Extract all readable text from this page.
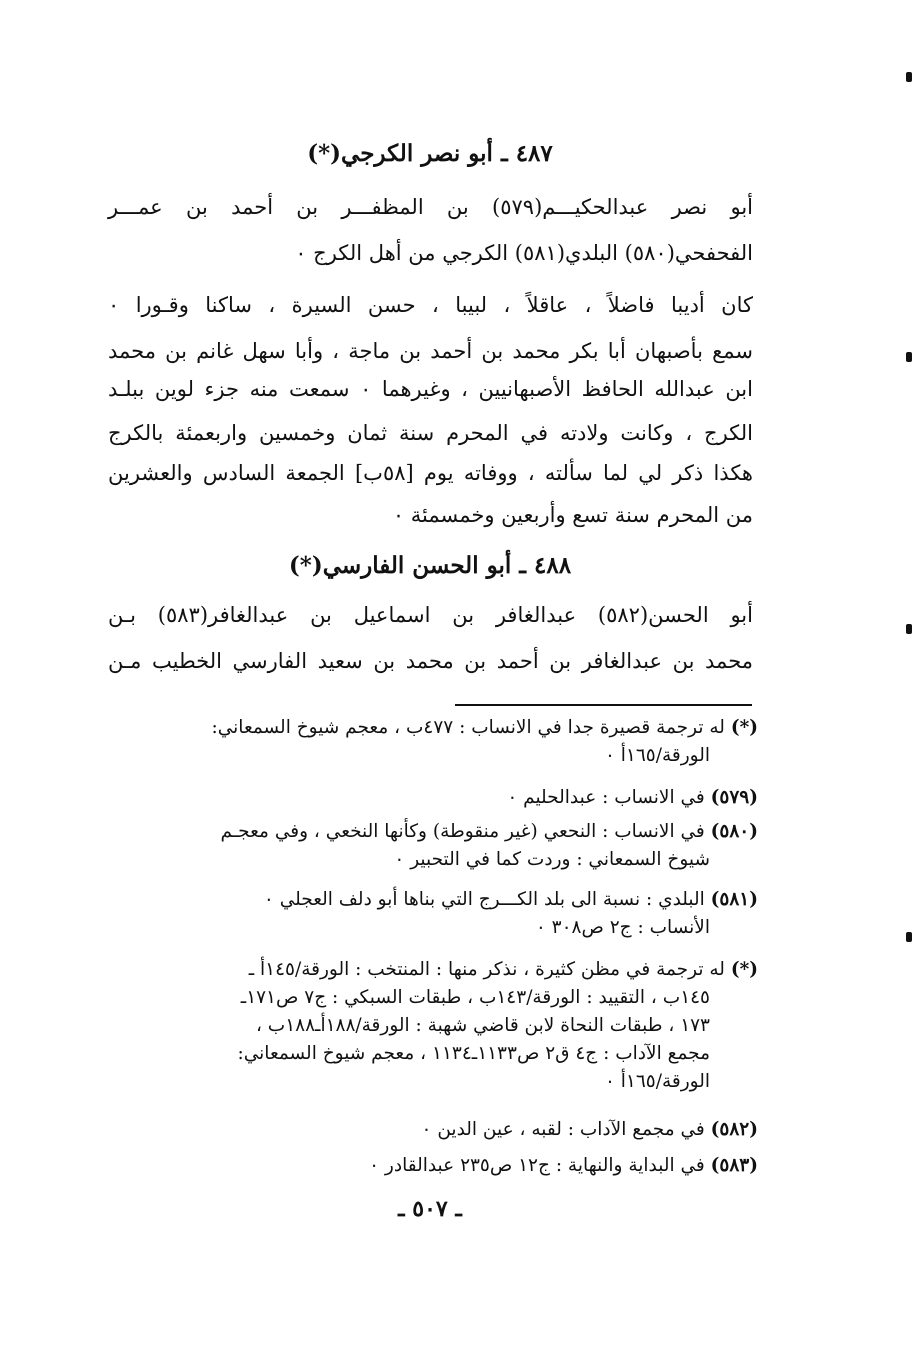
٤٨٧ ـ أبو نصر الكرجي(*)
أبو نصر عبدالحكيـــم(٥٧٩) بن المظفـــر بن أحمد بن عمـــر
الفحفحي(٥٨٠) البلدي(٥٨١) الكرجي من أهل الكرج ٠
كان أديبا فاضلاً ، عاقلاً ، لبيبا ، حسن السيرة ، ساكنا وقـورا ٠
سمع بأصبهان أبا بكر محمد بن أحمد بن ماجة ، وأبا سهل غانم بن محمد
ابن عبدالله الحافظ الأصبهانيين ، وغيرهما ٠ سمعت منه جزء لوين ببلـد
الكرج ، وكانت ولادته في المحرم سنة ثمان وخمسين واربعمئة بالكرج
هكذا ذكر لي لما سألته ، ووفاته يوم [٥٨ب] الجمعة السادس والعشرين
من المحرم سنة تسع وأربعين وخمسمئة ٠
٤٨٨ ـ أبو الحسن الفارسي(*)
أبو الحسن(٥٨٢) عبدالغافر بن اسماعيل بن عبدالغافر(٥٨٣) بـن
محمد بن عبدالغافر بن أحمد بن محمد بن سعيد الفارسي الخطيب مـن
(*) له ترجمة قصيرة جدا في الانساب : ٤٧٧ب ، معجم شيوخ السمعاني:
الورقة/١٦٥أ ٠
(٥٧٩) في الانساب : عبدالحليم ٠
(٥٨٠) في الانساب : النحعي (غير منقوطة) وكأنها النخعي ، وفي معجـم
شيوخ السمعاني : وردت كما في التحبير ٠
(٥٨١) البلدي : نسبة الى بلد الكـــرج التي بناها أبو دلف العجلي ٠
الأنساب : ج٢ ص٣٠٨ ٠
(*) له ترجمة في مظن كثيرة ، نذكر منها : المنتخب : الورقة/١٤٥أ ـ
١٤٥ب ، التقييد : الورقة/١٤٣ب ، طبقات السبكي : ج٧ ص١٧١ـ
١٧٣ ، طبقات النحاة لابن قاضي شهبة : الورقة/١٨٨أـ١٨٨ب ،
مجمع الآداب : ج٤ ق٢ ص١١٣٣ـ١١٣٤ ، معجم شيوخ السمعاني:
الورقة/١٦٥أ ٠
(٥٨٢) في مجمع الآداب : لقبه ، عين الدين ٠
(٥٨٣) في البداية والنهاية : ج١٢ ص٢٣٥ عبدالقادر ٠
ـ ٥٠٧ ـ
